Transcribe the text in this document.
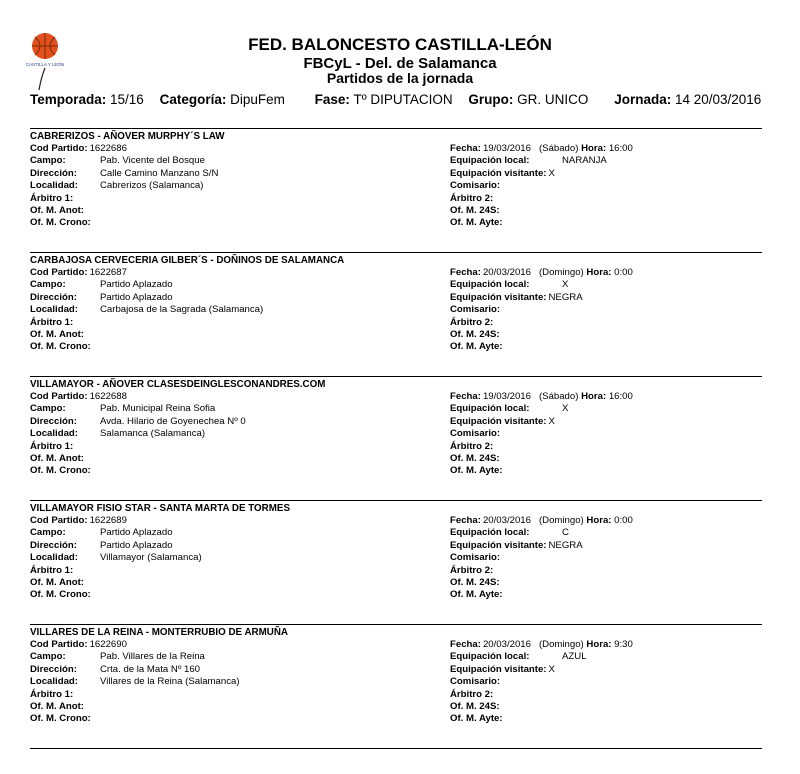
CASTILLA Y LEÓN
FED. BALONCESTO CASTILLA-LEÓN
FBCyL - Del. de Salamanca
Partidos de la jornada
Temporada: 15/16 Categoría: DipuFem Fase: Tº DIPUTACION Grupo: GR. UNICO Jornada: 14 20/03/2016
CABRERIZOS - AÑOVER MURPHY´S LAW
Cod Partido: 1622686	Fecha: 19/03/2016 (Sábado) Hora: 16:00
Campo:	Pab. Vicente del Bosque	Equipación local:	NARANJA
Dirección: Calle Camino Manzano S/N	Equipación visitante: X
Localidad: Cabrerizos (Salamanca)	Comisario:
Árbitro 1:	Árbitro 2:
Of. M. Anot:	Of. M. 24S:
Of. M. Crono:	Of. M. Ayte:
CARBAJOSA CERVECERIA GILBER´S - DOÑINOS DE SALAMANCA
Cod Partido: 1622687	Fecha: 20/03/2016 (Domingo) Hora: 0:00
Campo:	Partido Aplazado	Equipación local:	X
Dirección: Partido Aplazado	Equipación visitante: NEGRA
Localidad: Carbajosa de la Sagrada (Salamanca)	Comisario:
Árbitro 1:	Árbitro 2:
Of. M. Anot:	Of. M. 24S:
Of. M. Crono:	Of. M. Ayte:
VILLAMAYOR - AÑOVER CLASESDEINGLESCONANDRES.COM
Cod Partido: 1622688	Fecha: 19/03/2016 (Sábado) Hora: 16:00
Campo:	Pab. Municipal Reina Sofia	Equipación local:	X
Dirección: Avda. Hilario de Goyenechea Nº 0	Equipación visitante: X
Localidad: Salamanca (Salamanca)	Comisario:
Árbitro 1:	Árbitro 2:
Of. M. Anot:	Of. M. 24S:
Of. M. Crono:	Of. M. Ayte:
VILLAMAYOR FISIO STAR - SANTA MARTA DE TORMES
Cod Partido: 1622689	Fecha: 20/03/2016 (Domingo) Hora: 0:00
Campo:	Partido Aplazado	Equipación local:	C
Dirección: Partido Aplazado	Equipación visitante: NEGRA
Localidad: Villamayor (Salamanca)	Comisario:
Árbitro 1:	Árbitro 2:
Of. M. Anot:	Of. M. 24S:
Of. M. Crono:	Of. M. Ayte:
VILLARES DE LA REINA - MONTERRUBIO DE ARMUÑA
Cod Partido: 1622690	Fecha: 20/03/2016 (Domingo) Hora: 9:30
Campo:	Pab. Villares de la Reina	Equipación local:	AZUL
Dirección: Crta. de la Mata Nº 160	Equipación visitante: X
Localidad: Villares de la Reina (Salamanca)	Comisario:
Árbitro 1:	Árbitro 2:
Of. M. Anot:	Of. M. 24S:
Of. M. Crono:	Of. M. Ayte:
